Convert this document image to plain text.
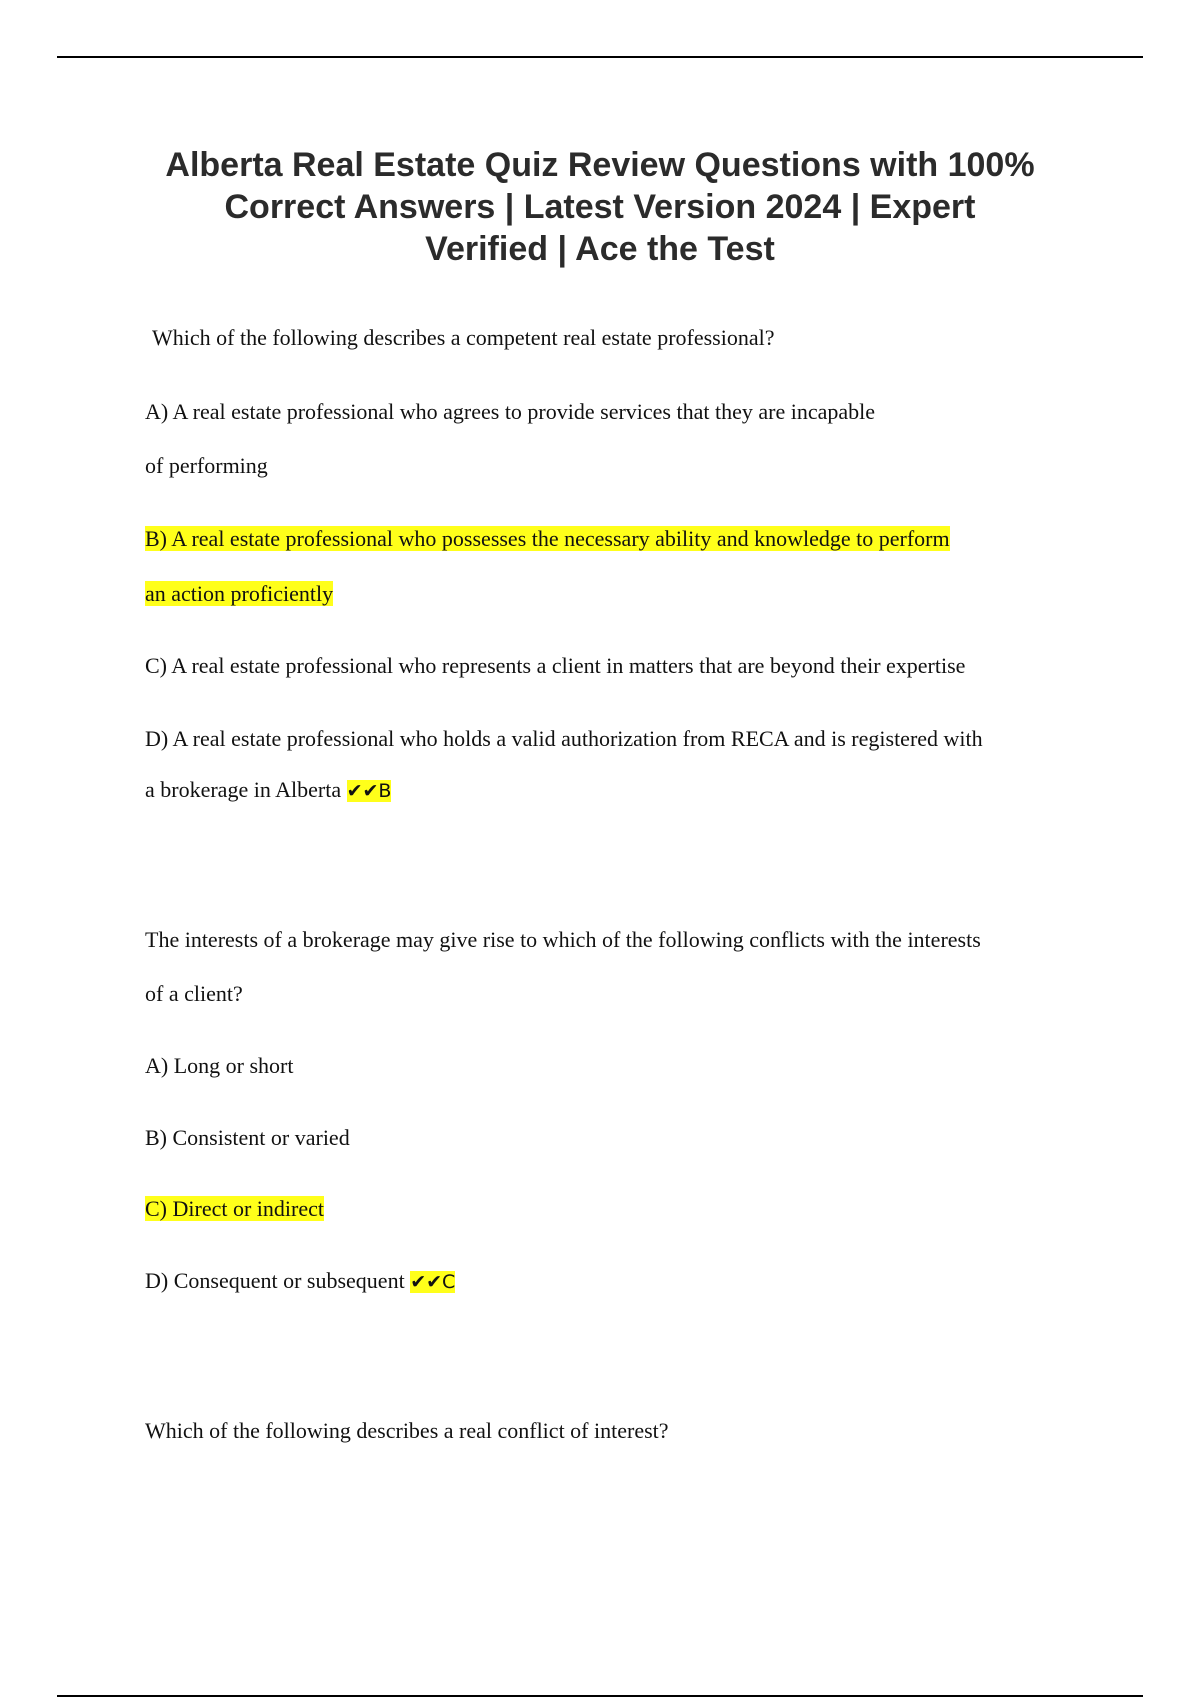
Alberta Real Estate Quiz Review Questions with 100% Correct Answers | Latest Version 2024 | Expert Verified | Ace the Test

Which of the following describes a competent real estate professional?

A) A real estate professional who agrees to provide services that they are incapable

of performing

B) A real estate professional who possesses the necessary ability and knowledge to perform

an action proficiently

C) A real estate professional who represents a client in matters that are beyond their expertise

D) A real estate professional who holds a valid authorization from RECA and is registered with

a brokerage in Alberta ✔✔B

The interests of a brokerage may give rise to which of the following conflicts with the interests

of a client?

A) Long or short

B) Consistent or varied

C) Direct or indirect

D) Consequent or subsequent ✔✔C

Which of the following describes a real conflict of interest?
